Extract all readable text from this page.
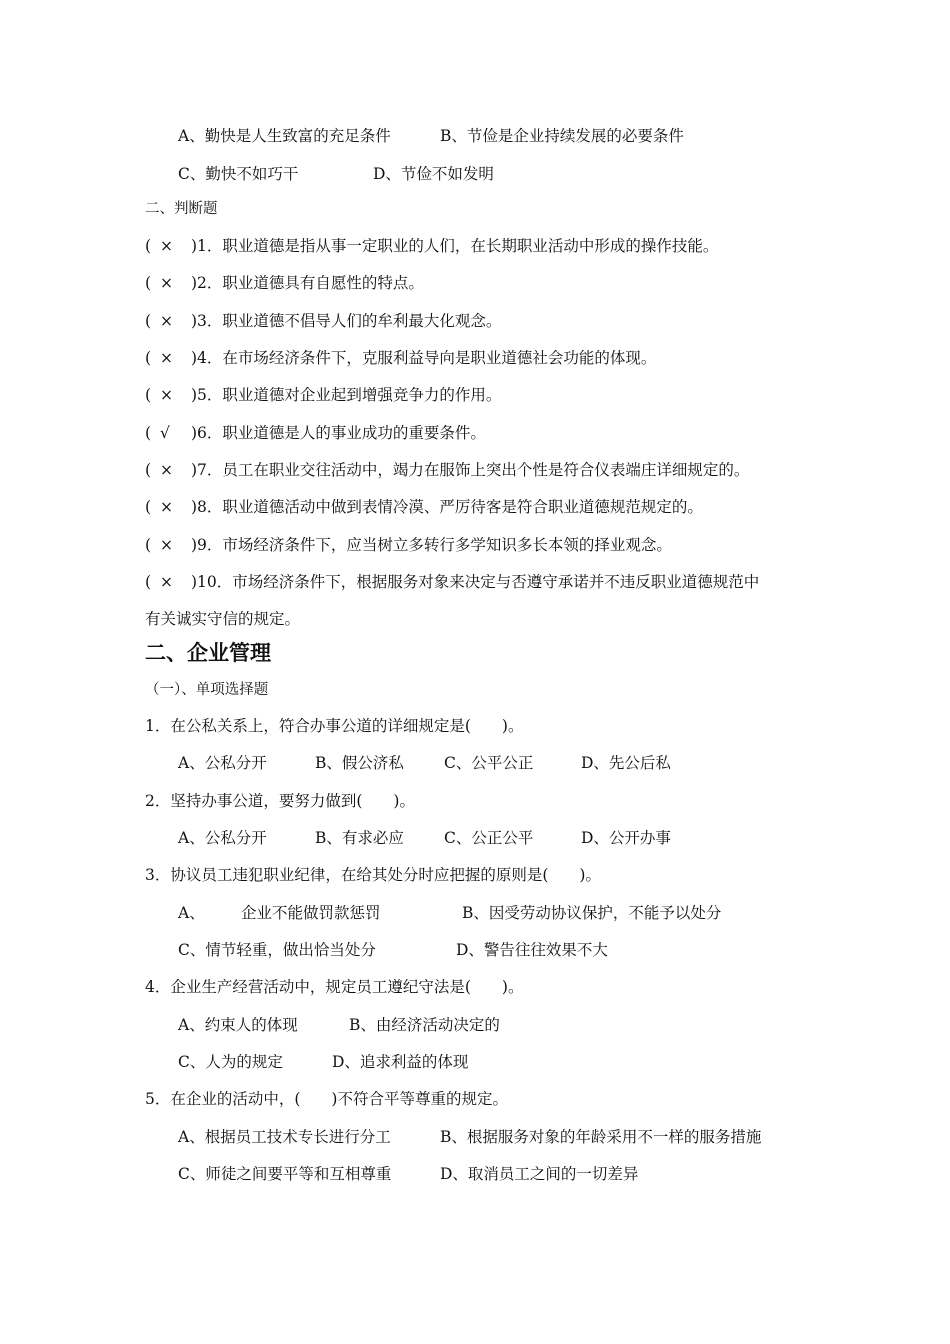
A、勤快是人生致富的充足条件	B、节俭是企业持续发展的必要条件
C、勤快不如巧干	D、节俭不如发明
二、判断题
( ×	)1．职业道德是指从事一定职业的人们，在长期职业活动中形成的操作技能。
( ×	)2．职业道德具有自愿性的特点。
( ×	)3．职业道德不倡导人们的牟利最大化观念。
( ×	)4．在市场经济条件下，克服利益导向是职业道德社会功能的体现。
( ×	)5．职业道德对企业起到增强竞争力的作用。
( √	)6．职业道德是人的事业成功的重要条件。
( ×	)7．员工在职业交往活动中，竭力在服饰上突出个性是符合仪表端庄详细规定的。
( ×	)8．职业道德活动中做到表情冷漠、严厉待客是符合职业道德规范规定的。
( ×	)9．市场经济条件下，应当树立多转行多学知识多长本领的择业观念。
( ×	)10．市场经济条件下，根据服务对象来决定与否遵守承诺并不违反职业道德规范中
有关诚实守信的规定。
二、企业管理
（一）、单项选择题
1．在公私关系上，符合办事公道的详细规定是(　　)。
A、公私分开	B、假公济私	C、公平公正	D、先公后私
2．坚持办事公道，要努力做到(　　)。
A、公私分开	B、有求必应	C、公正公平	D、公开办事
3．协议员工违犯职业纪律，在给其处分时应把握的原则是(　　)。
A、 企业不能做罚款惩罚	B、因受劳动协议保护，不能予以处分
C、情节轻重，做出恰当处分	D、警告往往效果不大
4．企业生产经营活动中，规定员工遵纪守法是(　　)。
A、约束人的体现	B、由经济活动决定的
C、人为的规定	D、追求利益的体现
5．在企业的活动中，(　　)不符合平等尊重的规定。
A、根据员工技术专长进行分工	B、根据服务对象的年龄采用不一样的服务措施
C、师徒之间要平等和互相尊重	D、取消员工之间的一切差异
